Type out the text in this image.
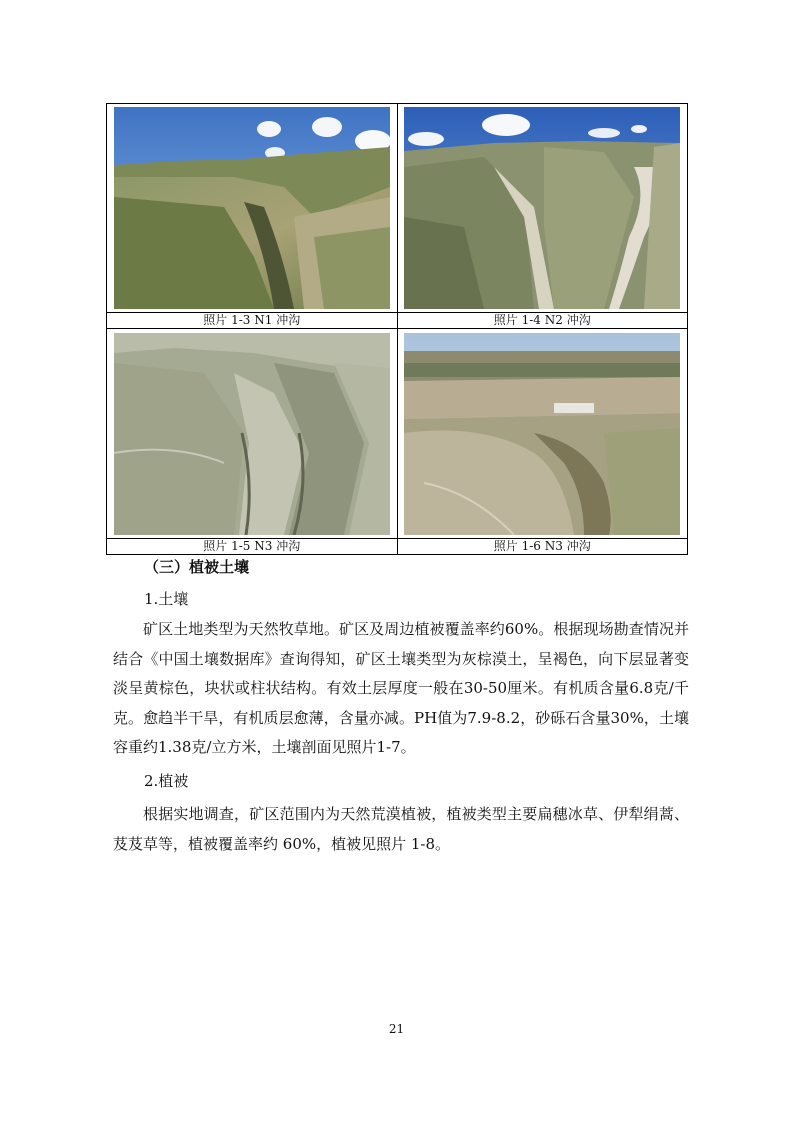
照片 1-3 N1 冲沟	照片 1-4 N2 冲沟

照片 1-5 N3 冲沟	照片 1-6 N3 冲沟
（三）植被土壤
1.土壤

矿区土地类型为天然牧草地。矿区及周边植被覆盖率约60%。根据现场勘查情况并结合《中国土壤数据库》查询得知，矿区土壤类型为灰棕漠土，呈褐色，向下层显著变淡呈黄棕色，块状或柱状结构。有效土层厚度一般在30-50厘米。有机质含量6.8克/千克。愈趋半干旱，有机质层愈薄，含量亦减。PH值为7.9-8.2，砂砾石含量30%，土壤容重约1.38克/立方米，土壤剖面见照片1-7。

2.植被

根据实地调查，矿区范围内为天然荒漠植被，植被类型主要扁穗冰草、伊犁绢蒿、芨芨草等，植被覆盖率约 60%，植被见照片 1-8。

21
